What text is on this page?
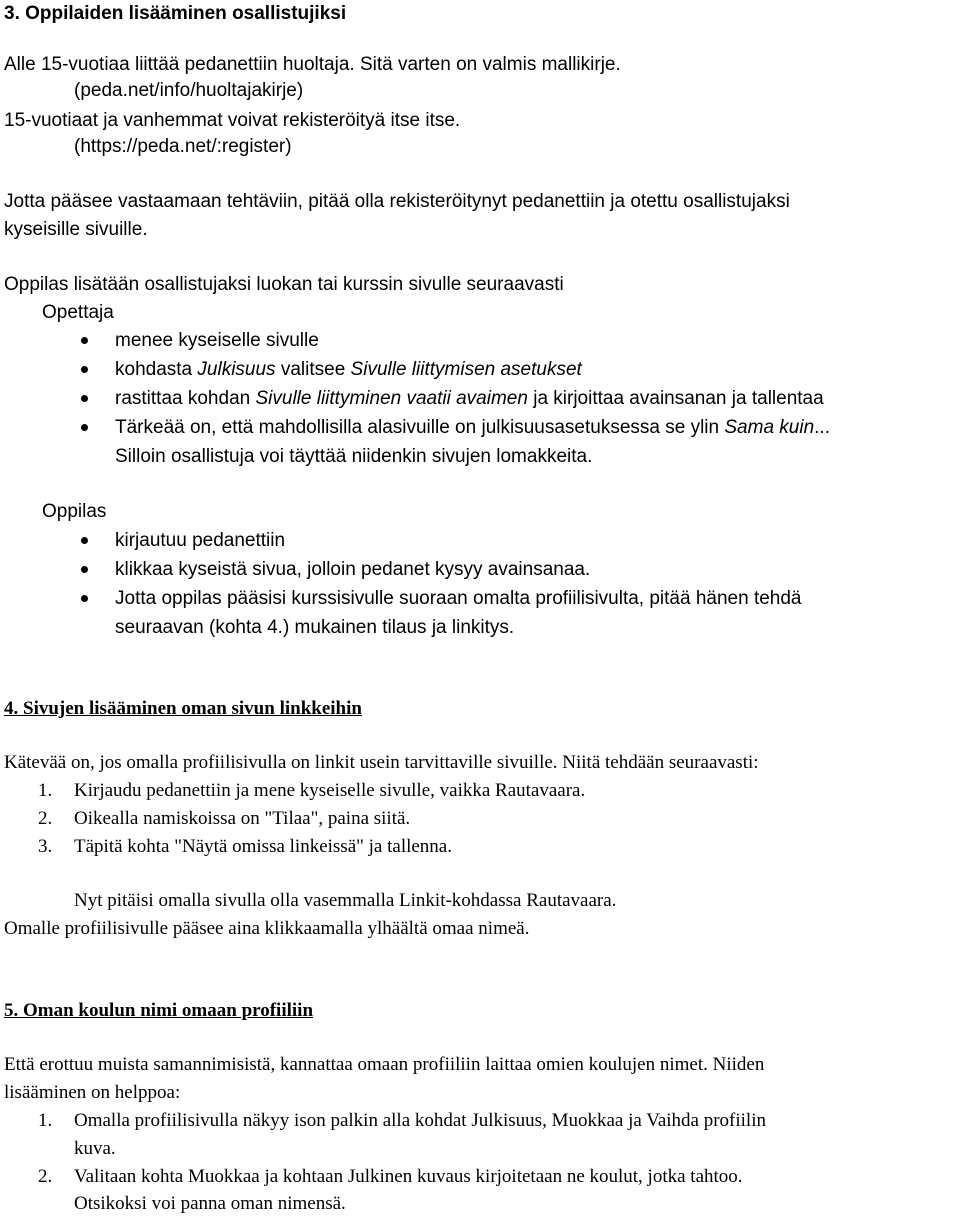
3. Oppilaiden lisääminen osallistujiksi
Alle 15-vuotiaa liittää pedanettiin huoltaja. Sitä varten on valmis mallikirje.
(peda.net/info/huoltajakirje)
15-vuotiaat ja vanhemmat voivat rekisteröityä itse itse.
(https://peda.net/:register)
Jotta pääsee vastaamaan tehtäviin, pitää olla rekisteröitynyt pedanettiin ja otettu osallistujaksi
kyseisille sivuille.
Oppilas lisätään osallistujaksi luokan tai kurssin sivulle seuraavasti
Opettaja
menee kyseiselle sivulle
kohdasta Julkisuus valitsee Sivulle liittymisen asetukset
rastittaa kohdan Sivulle liittyminen vaatii avaimen ja kirjoittaa avainsanan ja tallentaa
Tärkeää on, että mahdollisilla alasivuille on julkisuusasetuksessa se ylin Sama kuin...
Silloin osallistuja voi täyttää niidenkin sivujen lomakkeita.
Oppilas
kirjautuu pedanettiin
klikkaa kyseistä sivua, jolloin pedanet kysyy avainsanaa.
Jotta oppilas pääsisi kurssisivulle suoraan omalta profiilisivulta, pitää hänen tehdä
seuraavan (kohta 4.) mukainen tilaus ja linkitys.
4. Sivujen lisääminen oman sivun linkkeihin
Kätevää on, jos omalla profiilisivulla on linkit usein tarvittaville sivuille. Niitä tehdään seuraavasti:
1. Kirjaudu pedanettiin ja mene kyseiselle sivulle, vaikka Rautavaara.
2. Oikealla namiskoissa on "Tilaa", paina siitä.
3. Täpitä kohta "Näytä omissa linkeissä" ja tallenna.
Nyt pitäisi omalla sivulla olla vasemmalla Linkit-kohdassa Rautavaara.
Omalle profiilisivulle pääsee aina klikkaamalla ylhäältä omaa nimeä.
5. Oman koulun nimi omaan profiiliin
Että erottuu muista samannimisistä, kannattaa omaan profiiliin laittaa omien koulujen nimet. Niiden
lisääminen on helppoa:
1. Omalla profiilisivulla näkyy ison palkin alla kohdat Julkisuus, Muokkaa ja Vaihda profiilin
kuva.
2. Valitaan kohta Muokkaa ja kohtaan Julkinen kuvaus kirjoitetaan ne koulut, jotka tahtoo.
Otsikoksi voi panna oman nimensä.
